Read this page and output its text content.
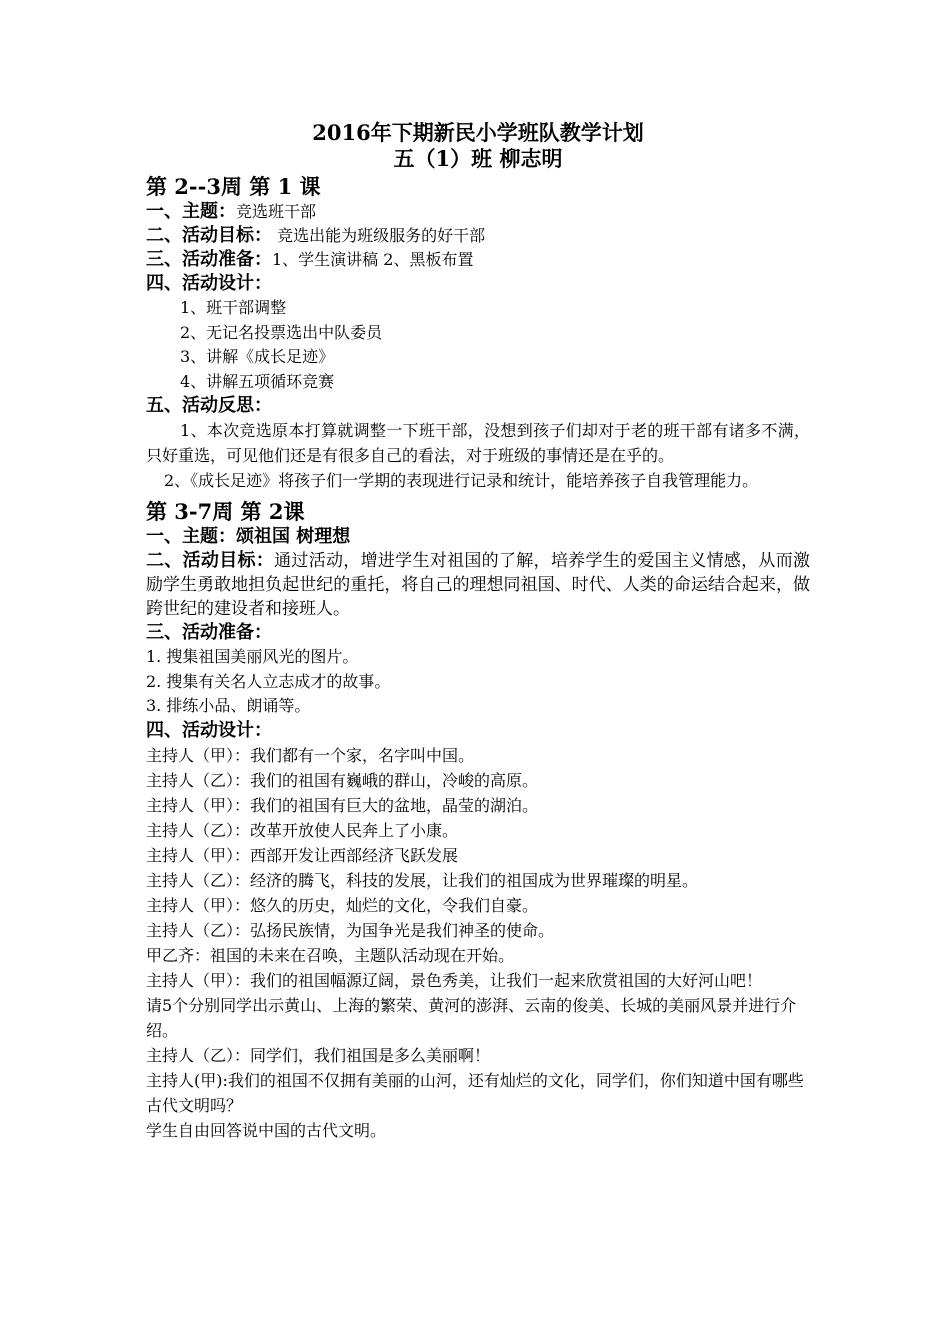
2016年下期新民小学班队教学计划
五（1）班 柳志明
第 2--3周 第 1 课
一、主题：竞选班干部
二、活动目标： 竞选出能为班级服务的好干部
三、活动准备：1、学生演讲稿 2、黑板布置
四、活动设计：
1、班干部调整
2、无记名投票选出中队委员
3、讲解《成长足迹》
4、讲解五项循环竞赛
五、活动反思：
1、本次竞选原本打算就调整一下班干部，没想到孩子们却对于老的班干部有诸多不满，只好重选，可见他们还是有很多自己的看法，对于班级的事情还是在乎的。
2、《成长足迹》将孩子们一学期的表现进行记录和统计，能培养孩子自我管理能力。
第 3-7周 第 2课
一、主题：颂祖国 树理想
二、活动目标：通过活动，增进学生对祖国的了解，培养学生的爱国主义情感，从而激励学生勇敢地担负起世纪的重托，将自己的理想同祖国、时代、人类的命运结合起来，做跨世纪的建设者和接班人。
三、活动准备：
1. 搜集祖国美丽风光的图片。
2. 搜集有关名人立志成才的故事。
3. 排练小品、朗诵等。
四、活动设计：
主持人（甲）：我们都有一个家，名字叫中国。
主持人（乙）：我们的祖国有巍峨的群山，冷峻的高原。
主持人（甲）：我们的祖国有巨大的盆地，晶莹的湖泊。
主持人（乙）：改革开放使人民奔上了小康。
主持人（甲）：西部开发让西部经济飞跃发展
主持人（乙）：经济的腾飞，科技的发展，让我们的祖国成为世界璀璨的明星。
主持人（甲）：悠久的历史，灿烂的文化，令我们自豪。
主持人（乙）：弘扬民族情，为国争光是我们神圣的使命。
甲乙齐：祖国的未来在召唤，主题队活动现在开始。
主持人（甲）：我们的祖国幅源辽阔，景色秀美，让我们一起来欣赏祖国的大好河山吧！
请5个分别同学出示黄山、上海的繁荣、黄河的澎湃、云南的俊美、长城的美丽风景并进行介绍。
主持人（乙）：同学们，我们祖国是多么美丽啊！
主持人(甲):我们的祖国不仅拥有美丽的山河，还有灿烂的文化，同学们，你们知道中国有哪些古代文明吗？
学生自由回答说中国的古代文明。
